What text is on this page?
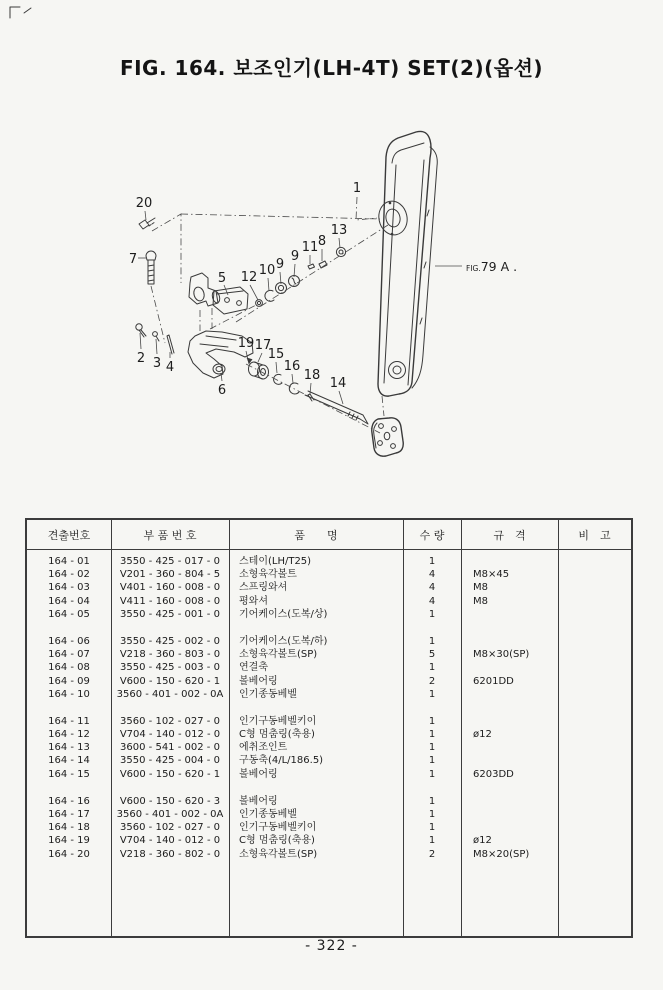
FIG.79 A .
20
7
5
2 3 4
6
1
12 10 9
9
11 8
13
19 17
15
16
18
14
FIG. 164. 보조인기(LH-4T) SET(2)(옵션)
견출번호	부 품 번 호	품　　명	수 량	규　격	비　고
164 - 01	3550 - 425 - 017 - 0	스테이(LH/T25)	1
164 - 02	V201 - 360 - 804 - 5	소형육각볼트	4	M8×45
164 - 03	V401 - 160 - 008 - 0	스프링와셔	4	M8
164 - 04	V411 - 160 - 008 - 0	평와셔	4	M8
164 - 05	3550 - 425 - 001 - 0	기어케이스(도복/상)	1
164 - 06	3550 - 425 - 002 - 0	기어케이스(도복/하)	1
164 - 07	V218 - 360 - 803 - 0	소형육각볼트(SP)	5	M8×30(SP)
164 - 08	3550 - 425 - 003 - 0	연결축	1
164 - 09	V600 - 150 - 620 - 1	볼베어링	2	6201DD
164 - 10	3560 - 401 - 002 - 0A	인기종동베벨	1
164 - 11	3560 - 102 - 027 - 0	인기구동베벨키이	1
164 - 12	V704 - 140 - 012 - 0	C형 멈춤링(축용)	1	ø12
164 - 13	3600 - 541 - 002 - 0	에취조인트	1
164 - 14	3550 - 425 - 004 - 0	구동축(4/L/186.5)	1
164 - 15	V600 - 150 - 620 - 1	볼베어링	1	6203DD
164 - 16	V600 - 150 - 620 - 3	볼베어링	1
164 - 17	3560 - 401 - 002 - 0A	인기종동베벨	1
164 - 18	3560 - 102 - 027 - 0	인기구동베벨키이	1
164 - 19	V704 - 140 - 012 - 0	C형 멈춤링(축용)	1	ø12
164 - 20	V218 - 360 - 802 - 0	소형육각볼트(SP)	2	M8×20(SP)
- 322 -
